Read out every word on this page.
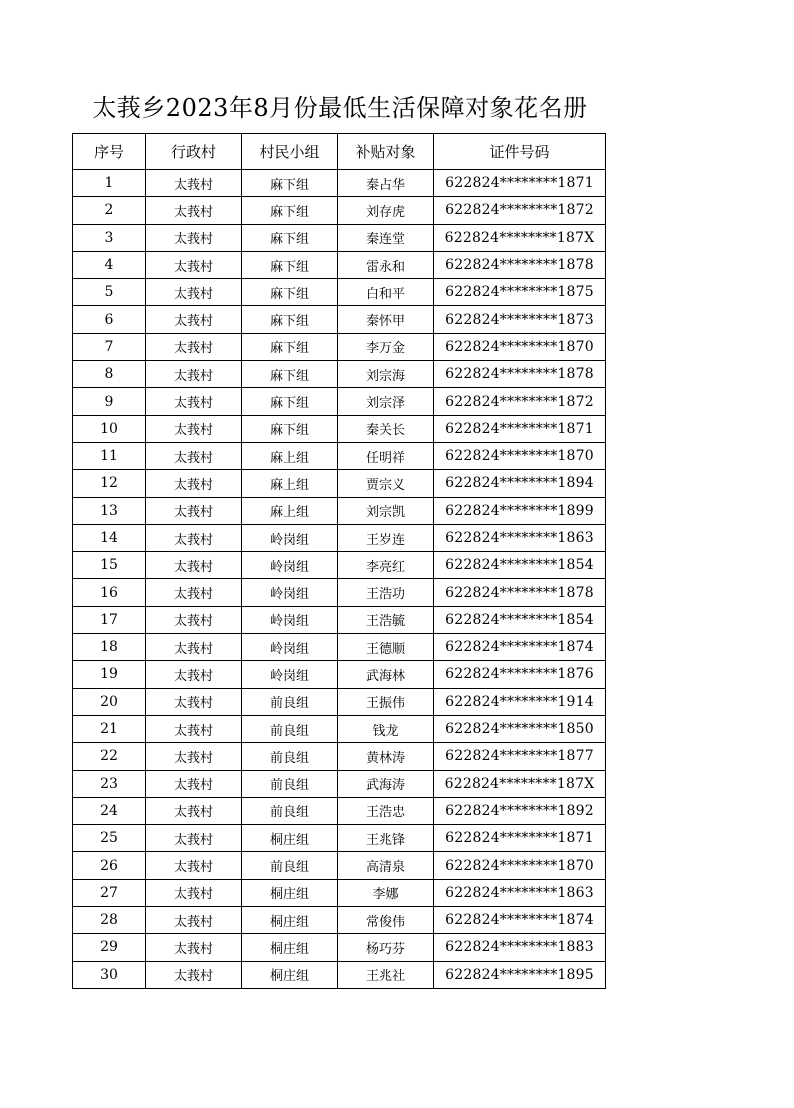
太莪乡2023年8月份最低生活保障对象花名册
序号	行政村	村民小组	补贴对象	证件号码
1	太莪村	麻下组	秦占华	622824********1871
2	太莪村	麻下组	刘存虎	622824********1872
3	太莪村	麻下组	秦连堂	622824********187X
4	太莪村	麻下组	雷永和	622824********1878
5	太莪村	麻下组	白和平	622824********1875
6	太莪村	麻下组	秦怀甲	622824********1873
7	太莪村	麻下组	李万金	622824********1870
8	太莪村	麻下组	刘宗海	622824********1878
9	太莪村	麻下组	刘宗泽	622824********1872
10	太莪村	麻下组	秦关长	622824********1871
11	太莪村	麻上组	任明祥	622824********1870
12	太莪村	麻上组	贾宗义	622824********1894
13	太莪村	麻上组	刘宗凯	622824********1899
14	太莪村	岭岗组	王岁连	622824********1863
15	太莪村	岭岗组	李亮红	622824********1854
16	太莪村	岭岗组	王浩功	622824********1878
17	太莪村	岭岗组	王浩毓	622824********1854
18	太莪村	岭岗组	王德顺	622824********1874
19	太莪村	岭岗组	武海林	622824********1876
20	太莪村	前良组	王振伟	622824********1914
21	太莪村	前良组	钱龙	622824********1850
22	太莪村	前良组	黄林涛	622824********1877
23	太莪村	前良组	武海涛	622824********187X
24	太莪村	前良组	王浩忠	622824********1892
25	太莪村	桐庄组	王兆锋	622824********1871
26	太莪村	前良组	高清泉	622824********1870
27	太莪村	桐庄组	李娜	622824********1863
28	太莪村	桐庄组	常俊伟	622824********1874
29	太莪村	桐庄组	杨巧芬	622824********1883
30	太莪村	桐庄组	王兆社	622824********1895
